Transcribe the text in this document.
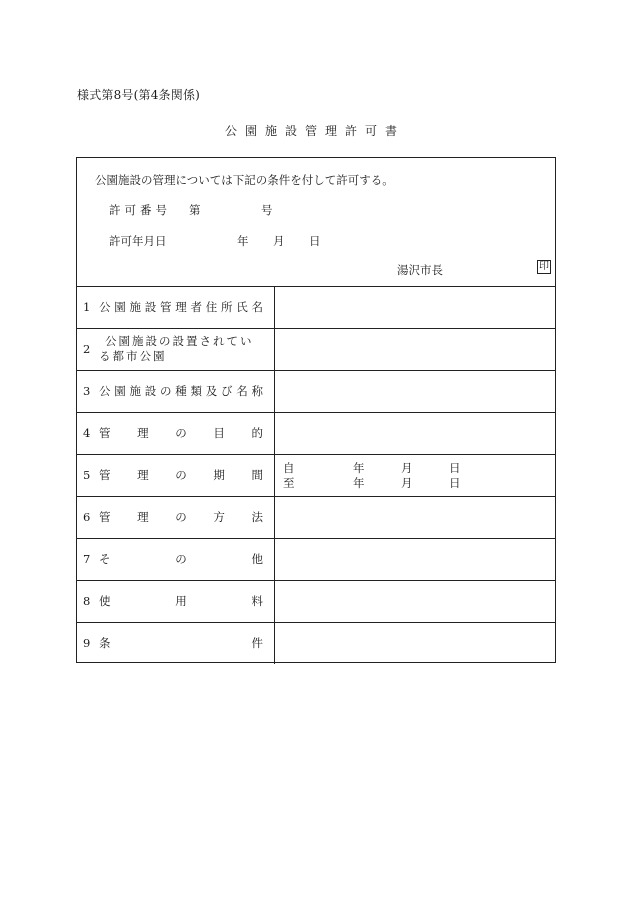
様式第8号(第4条関係)
公園施設管理許可書
公園施設の管理については下記の条件を付して許可する。
許可番号 第	号
許可年月日	年 月 日
湯沢市長	印
1 公 園 施 設 管 理 者 住 所 氏 名
2
公園施設の設置されてい
る都市公園
3 公 園 施 設 の 種 類 及 び 名 称
4 管 理 の 目 的
5 管 理 の 期 間 自	年	月	日
至	年	月	日
6 管 理 の 方 法
7 そ	の	他
8 使	用	料
9 条	件
